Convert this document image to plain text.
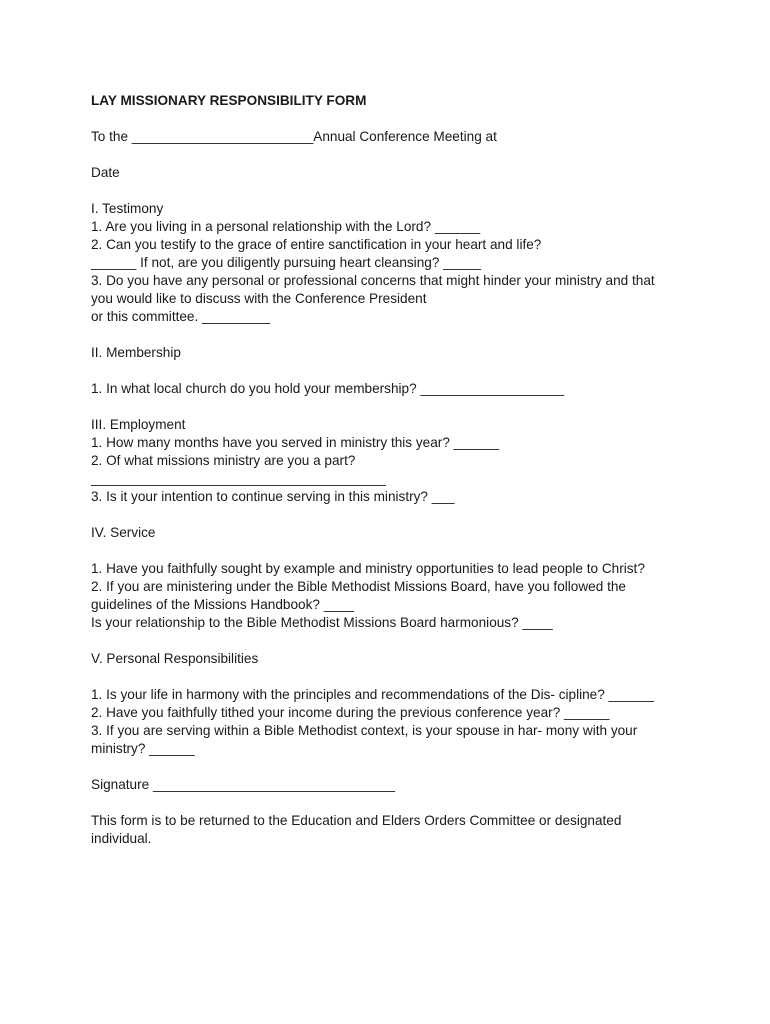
LAY MISSIONARY RESPONSIBILITY FORM
To the ________________________Annual Conference Meeting at
Date
I. Testimony
1. Are you living in a personal relationship with the Lord? ______
2. Can you testify to the grace of entire sanctification in your heart and life?
______ If not, are you diligently pursuing heart cleansing? _____
3. Do you have any personal or professional concerns that might hinder your ministry and that
you would like to discuss with the Conference President
or this committee. _________
II. Membership
1. In what local church do you hold your membership? ___________________
III. Employment
1. How many months have you served in ministry this year? ______
2. Of what missions ministry are you a part?
_______________________________________
3. Is it your intention to continue serving in this ministry? ___
IV. Service
1. Have you faithfully sought by example and ministry opportunities to lead people to Christ?
2. If you are ministering under the Bible Methodist Missions Board, have you followed the
guidelines of the Missions Handbook? ____
Is your relationship to the Bible Methodist Missions Board harmonious? ____
V. Personal Responsibilities
1. Is your life in harmony with the principles and recommendations of the Dis- cipline? ______
2. Have you faithfully tithed your income during the previous conference year? ______
3. If you are serving within a Bible Methodist context, is your spouse in har- mony with your
ministry? ______
Signature ________________________________
This form is to be returned to the Education and Elders Orders Committee or designated
individual.
